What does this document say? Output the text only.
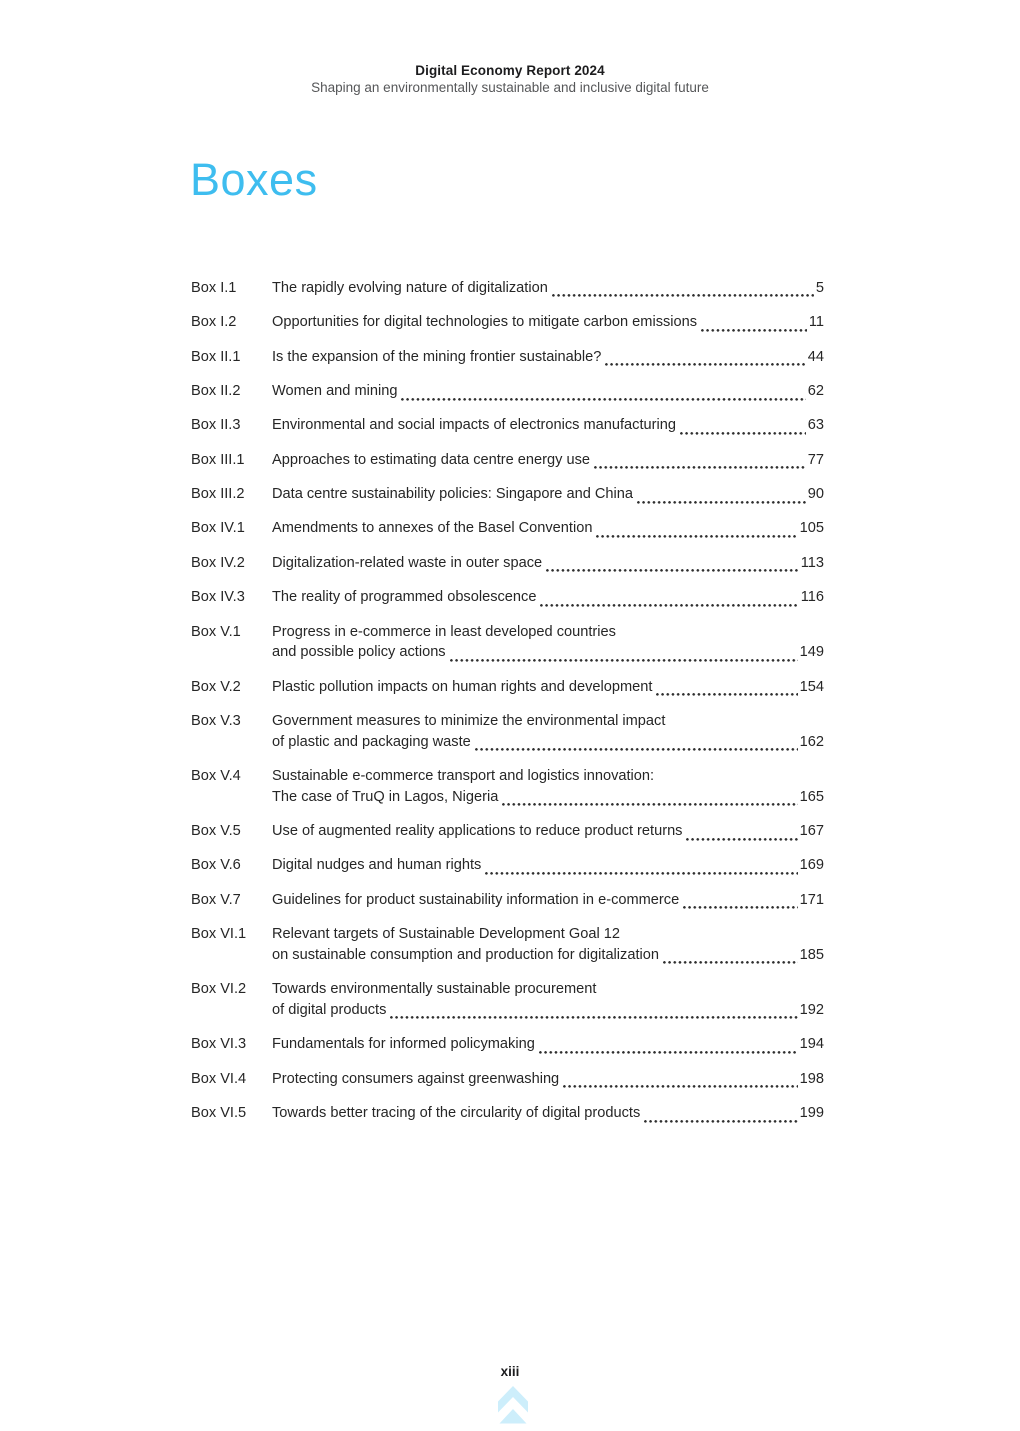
Digital Economy Report 2024
Shaping an environmentally sustainable and inclusive digital future
Boxes
Box I.1	The rapidly evolving nature of digitalization	5
Box I.2	Opportunities for digital technologies to mitigate carbon emissions	11
Box II.1	Is the expansion of the mining frontier sustainable?	44
Box II.2	Women and mining	62
Box II.3	Environmental and social impacts of electronics manufacturing	63
Box III.1	Approaches to estimating data centre energy use	77
Box III.2	Data centre sustainability policies: Singapore and China	90
Box IV.1	Amendments to annexes of the Basel Convention	105
Box IV.2	Digitalization-related waste in outer space	113
Box IV.3	The reality of programmed obsolescence	116
Box V.1	Progress in e-commerce in least developed countries
and possible policy actions	149
Box V.2	Plastic pollution impacts on human rights and development	154
Box V.3	Government measures to minimize the environmental impact
of plastic and packaging waste	162
Box V.4	Sustainable e-commerce transport and logistics innovation:
The case of TruQ in Lagos, Nigeria	165
Box V.5	Use of augmented reality applications to reduce product returns	167
Box V.6	Digital nudges and human rights	169
Box V.7	Guidelines for product sustainability information in e-commerce	171
Box VI.1	Relevant targets of Sustainable Development Goal 12
on sustainable consumption and production for digitalization	185
Box VI.2	Towards environmentally sustainable procurement
of digital products	192
Box VI.3	Fundamentals for informed policymaking	194
Box VI.4	Protecting consumers against greenwashing	198
Box VI.5	Towards better tracing of the circularity of digital products	199
xiii
